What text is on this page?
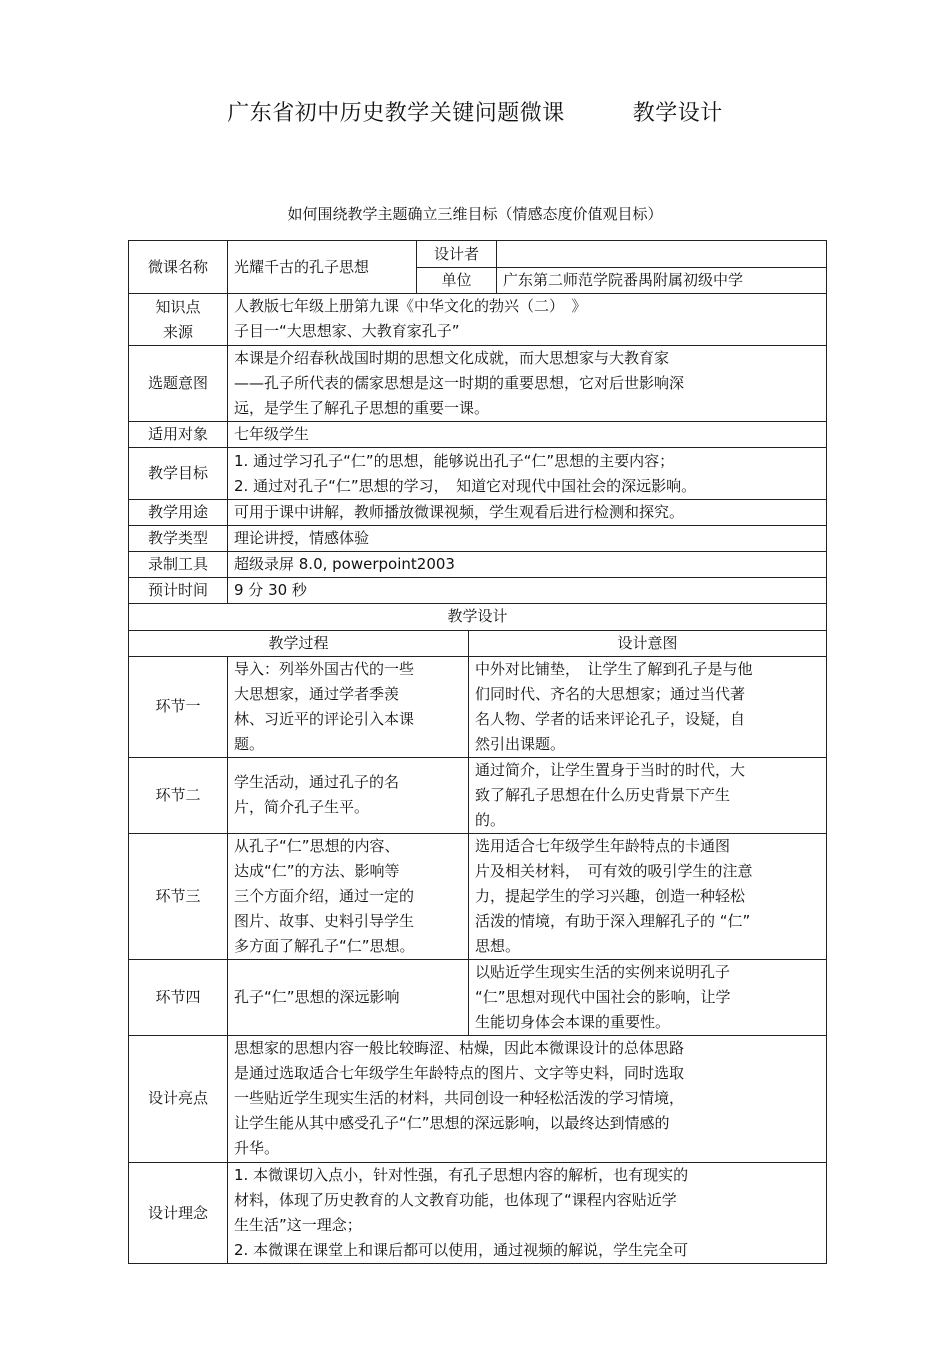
广东省初中历史教学关键问题微课	教学设计
如何围绕教学主题确立三维目标（情感态度价值观目标）
微课名称	光耀千古的孔子思想	设计者	
		单位	广东第二师范学院番禺附属初级中学
知识点
来源	人教版七年级上册第九课《中华文化的勃兴（二）　》
子目一“大思想家、大教育家孔子”		
选题意图	本课是介绍春秋战国时期的思想文化成就，而大思想家与大教育家
——孔子所代表的儒家思想是这一时期的重要思想，它对后世影响深
远，是学生了解孔子思想的重要一课。		
适用对象	七年级学生		
教学目标	1. 通过学习孔子“仁”的思想，能够说出孔子“仁”思想的主要内容；
2. 通过对孔子“仁”思想的学习，　知道它对现代中国社会的深远影响。		
教学用途	可用于课中讲解，教师播放微课视频，学生观看后进行检测和探究。		
教学类型	理论讲授，情感体验		
录制工具	超级录屏 8.0, powerpoint2003		
预计时间	9 分 30 秒		
教学设计		
教学过程		设计意图
环节一	导入：列举外国古代的一些
大思想家，通过学者季羡
林、习近平的评论引入本课
题。	中外对比铺垫，　让学生了解到孔子是与他
们同时代、齐名的大思想家；通过当代著
名人物、学者的话来评论孔子，设疑，自
然引出课题。
环节二	学生活动，通过孔子的名
片，简介孔子生平。	通过简介，让学生置身于当时的时代，大
致了解孔子思想在什么历史背景下产生
的。
环节三	从孔子“仁”思想的内容、
达成“仁”的方法、影响等
三个方面介绍，通过一定的
图片、故事、史料引导学生
多方面了解孔子“仁”思想。	选用适合七年级学生年龄特点的卡通图
片及相关材料，　可有效的吸引学生的注意
力，提起学生的学习兴趣，创造一种轻松
活泼的情境，有助于深入理解孔子的 “仁”
思想。
环节四	孔子“仁”思想的深远影响	以贴近学生现实生活的实例来说明孔子
“仁”思想对现代中国社会的影响，让学
生能切身体会本课的重要性。
设计亮点	思想家的思想内容一般比较晦涩、枯燥，因此本微课设计的总体思路
是通过选取适合七年级学生年龄特点的图片、文字等史料，同时选取
一些贴近学生现实生活的材料，共同创设一种轻松活泼的学习情境，
让学生能从其中感受孔子“仁”思想的深远影响，以最终达到情感的
升华。
设计理念	1. 本微课切入点小，针对性强，有孔子思想内容的解析，也有现实的
材料，体现了历史教育的人文教育功能，也体现了“课程内容贴近学
生生活”这一理念；
2. 本微课在课堂上和课后都可以使用，通过视频的解说，学生完全可
